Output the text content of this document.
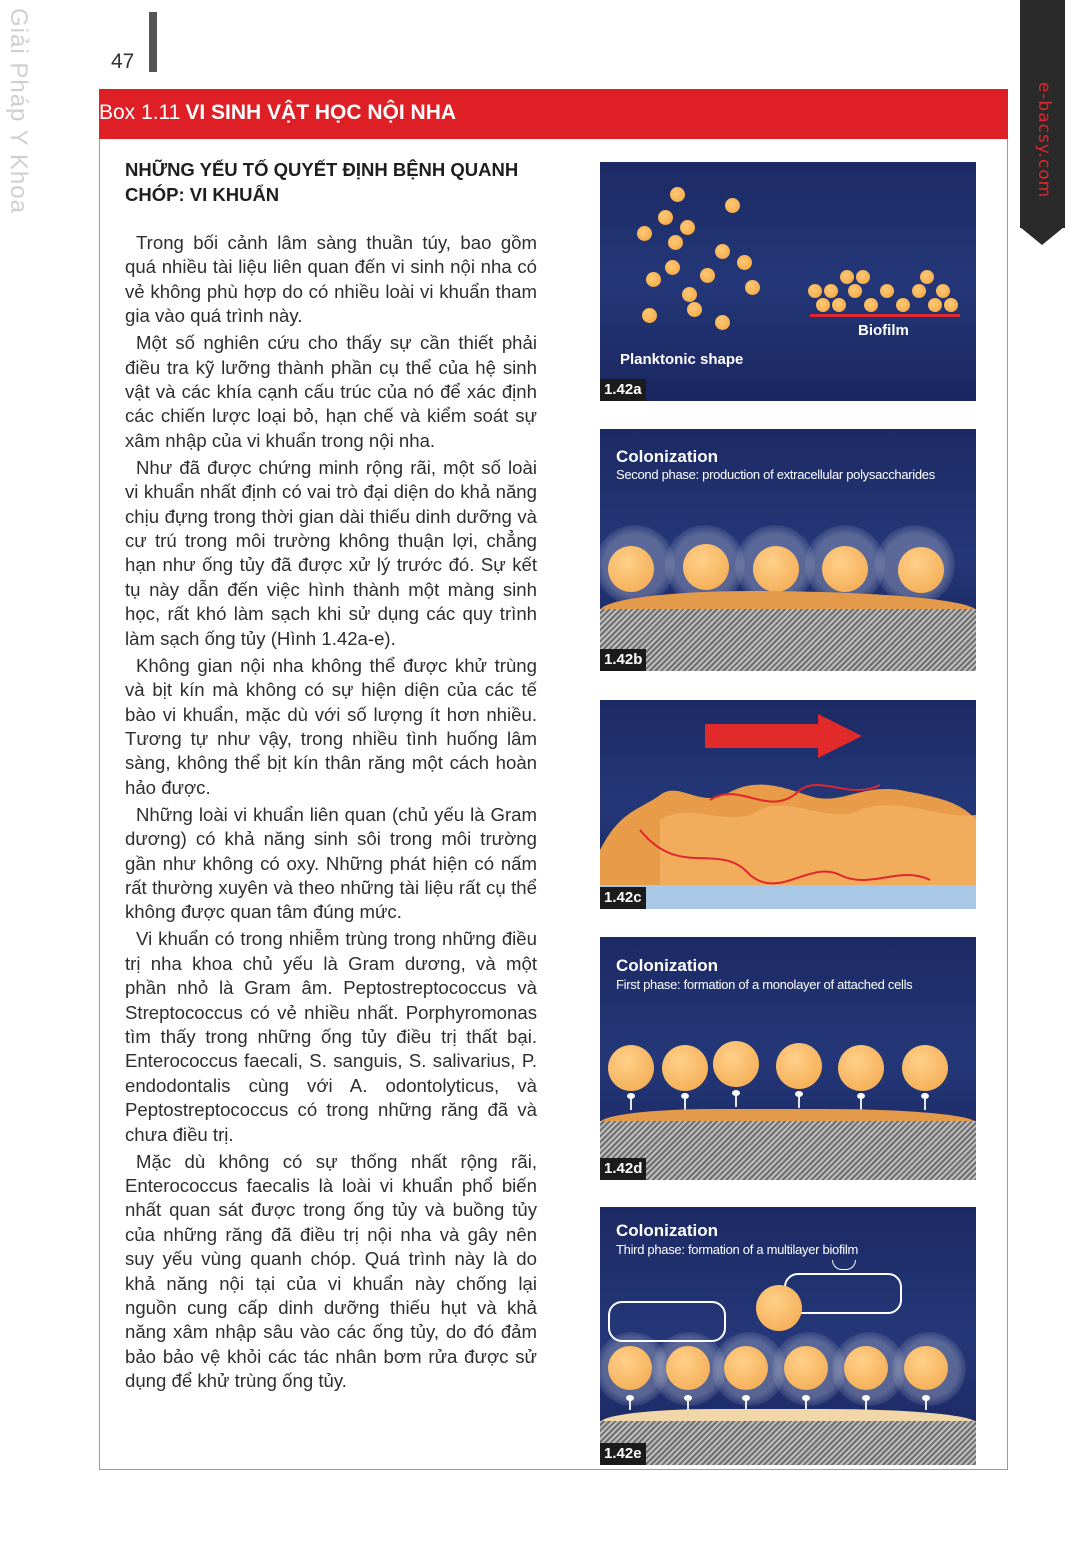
Giải Pháp Y Khoa	47
e-bacsy.com
Box 1.11 VI SINH VẬT HỌC NỘI NHA
NHỮNG YẾU TỐ QUYẾT ĐỊNH BỆNH QUANH CHÓP: VI KHUẨN

Trong bối cảnh lâm sàng thuần túy, bao gồm quá nhiều tài liệu liên quan đến vi sinh nội nha có vẻ không phù hợp do có nhiều loài vi khuẩn tham gia vào quá trình này.

Một số nghiên cứu cho thấy sự cần thiết phải điều tra kỹ lưỡng thành phần cụ thể của hệ sinh vật và các khía cạnh cấu trúc của nó để xác định các chiến lược loại bỏ, hạn chế và kiểm soát sự xâm nhập của vi khuẩn trong nội nha.

Như đã được chứng minh rộng rãi, một số loài vi khuẩn nhất định có vai trò đại diện do khả năng chịu đựng trong thời gian dài thiếu dinh dưỡng và cư trú trong môi trường không thuận lợi, chẳng hạn như ống tủy đã được xử lý trước đó. Sự kết tụ này dẫn đến việc hình thành một màng sinh học, rất khó làm sạch khi sử dụng các quy trình làm sạch ống tủy (Hình 1.42a-e).

Không gian nội nha không thể được khử trùng và bịt kín mà không có sự hiện diện của các tế bào vi khuẩn, mặc dù với số lượng ít hơn nhiều. Tương tự như vậy, trong nhiều tình huống lâm sàng, không thể bịt kín thân răng một cách hoàn hảo được.

Những loài vi khuẩn liên quan (chủ yếu là Gram dương) có khả năng sinh sôi trong môi trường gần như không có oxy. Những phát hiện có nấm rất thường xuyên và theo những tài liệu rất cụ thể không được quan tâm đúng mức.

Vi khuẩn có trong nhiễm trùng trong những điều trị nha khoa chủ yếu là Gram dương, và một phần nhỏ là Gram âm. Peptostreptococcus và Streptococcus có vẻ nhiều nhất. Porphyromonas tìm thấy trong những ống tủy điều trị thất bại. Enterococcus faecali, S. sanguis, S. salivarius, P. endodontalis cùng với A. odontolyticus, và Peptostreptococcus có trong những răng đã và chưa điều trị.

Mặc dù không có sự thống nhất rộng rãi, Enterococcus faecalis là loài vi khuẩn phổ biến nhất quan sát được trong ống tủy và buồng tủy của những răng đã điều trị nội nha và gây nên suy yếu vùng quanh chóp. Quá trình này là do khả năng nội tại của vi khuẩn này chống lại nguồn cung cấp dinh dưỡng thiếu hụt và khả năng xâm nhập sâu vào các ống tủy, do đó đảm bảo bảo vệ khỏi các tác nhân bơm rửa được sử dụng để khử trùng ống tủy.

Biofilm
Planktonic shape
1.42a
Colonization
Second phase: production of extracellular polysaccharides
1.42b
1.42c
Colonization
First phase: formation of a monolayer of attached cells
1.42d
Colonization
Third phase: formation of a multilayer biofilm
1.42e
